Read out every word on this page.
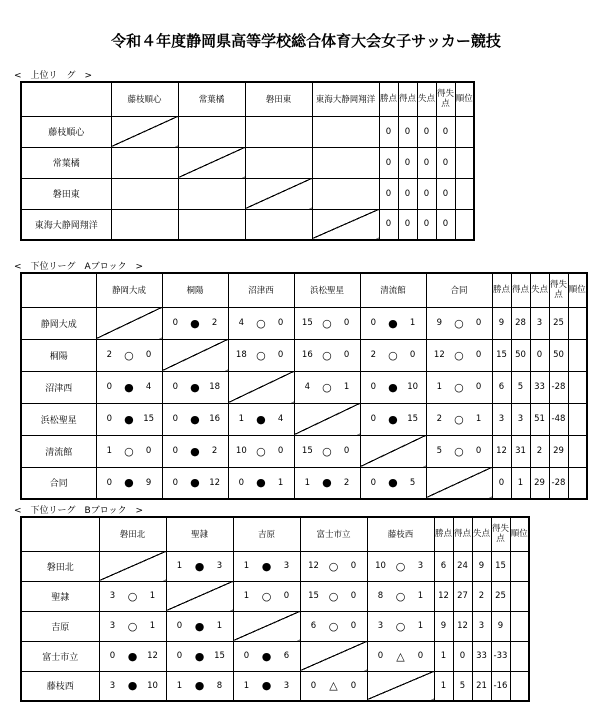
令和４年度静岡県高等学校総合体育大会女子サッカー競技
<　上位リ　グ　>
	藤枝順心	常葉橘	磐田東	東海大静岡翔洋	勝点	得点	失点	得失点	順位
藤枝順心					0	0	0	0	
常葉橘					0	0	0	0	
磐田東					0	0	0	0	
東海大静岡翔洋					0	0	0	0	
<　下位リーグ　Aブロック　>
	静岡大成	桐陽	沼津西	浜松聖星	清流館	合同	勝点	得点	失点	得失点	順位
静岡大成		0 ● 2	4 ○ 0	15 ○ 0	0 ● 1	9 ○ 0	9	28	3	25	
桐陽	2 ○ 0		18 ○ 0	16 ○ 0	2 ○ 0	12 ○ 0	15	50	0	50	
沼津西	0 ● 4	0 ● 18		4 ○ 1	0 ● 10	1 ○ 0	6	5	33	-28	
浜松聖星	0 ● 15	0 ● 16	1 ● 4		0 ● 15	2 ○ 1	3	3	51	-48	
清流館	1 ○ 0	0 ● 2	10 ○ 0	15 ○ 0		5 ○ 0	12	31	2	29	
合同	0 ● 9	0 ● 12	0 ● 1	1 ● 2	0 ● 5		0	1	29	-28	
<　下位リーグ　Bブロック　>
	磐田北	聖隷	吉原	富士市立	藤枝西	勝点	得点	失点	得失点	順位
磐田北		1 ● 3	1 ● 3	12 ○ 0	10 ○ 3	6	24	9	15	
聖隷	3 ○ 1		1 ○ 0	15 ○ 0	8 ○ 1	12	27	2	25	
吉原	3 ○ 1	0 ● 1		6 ○ 0	3 ○ 1	9	12	3	9	
富士市立	0 ● 12	0 ● 15	0 ● 6		0 △ 0	1	0	33	-33	
藤枝西	3 ● 10	1 ● 8	1 ● 3	0 △ 0		1	5	21	-16	
